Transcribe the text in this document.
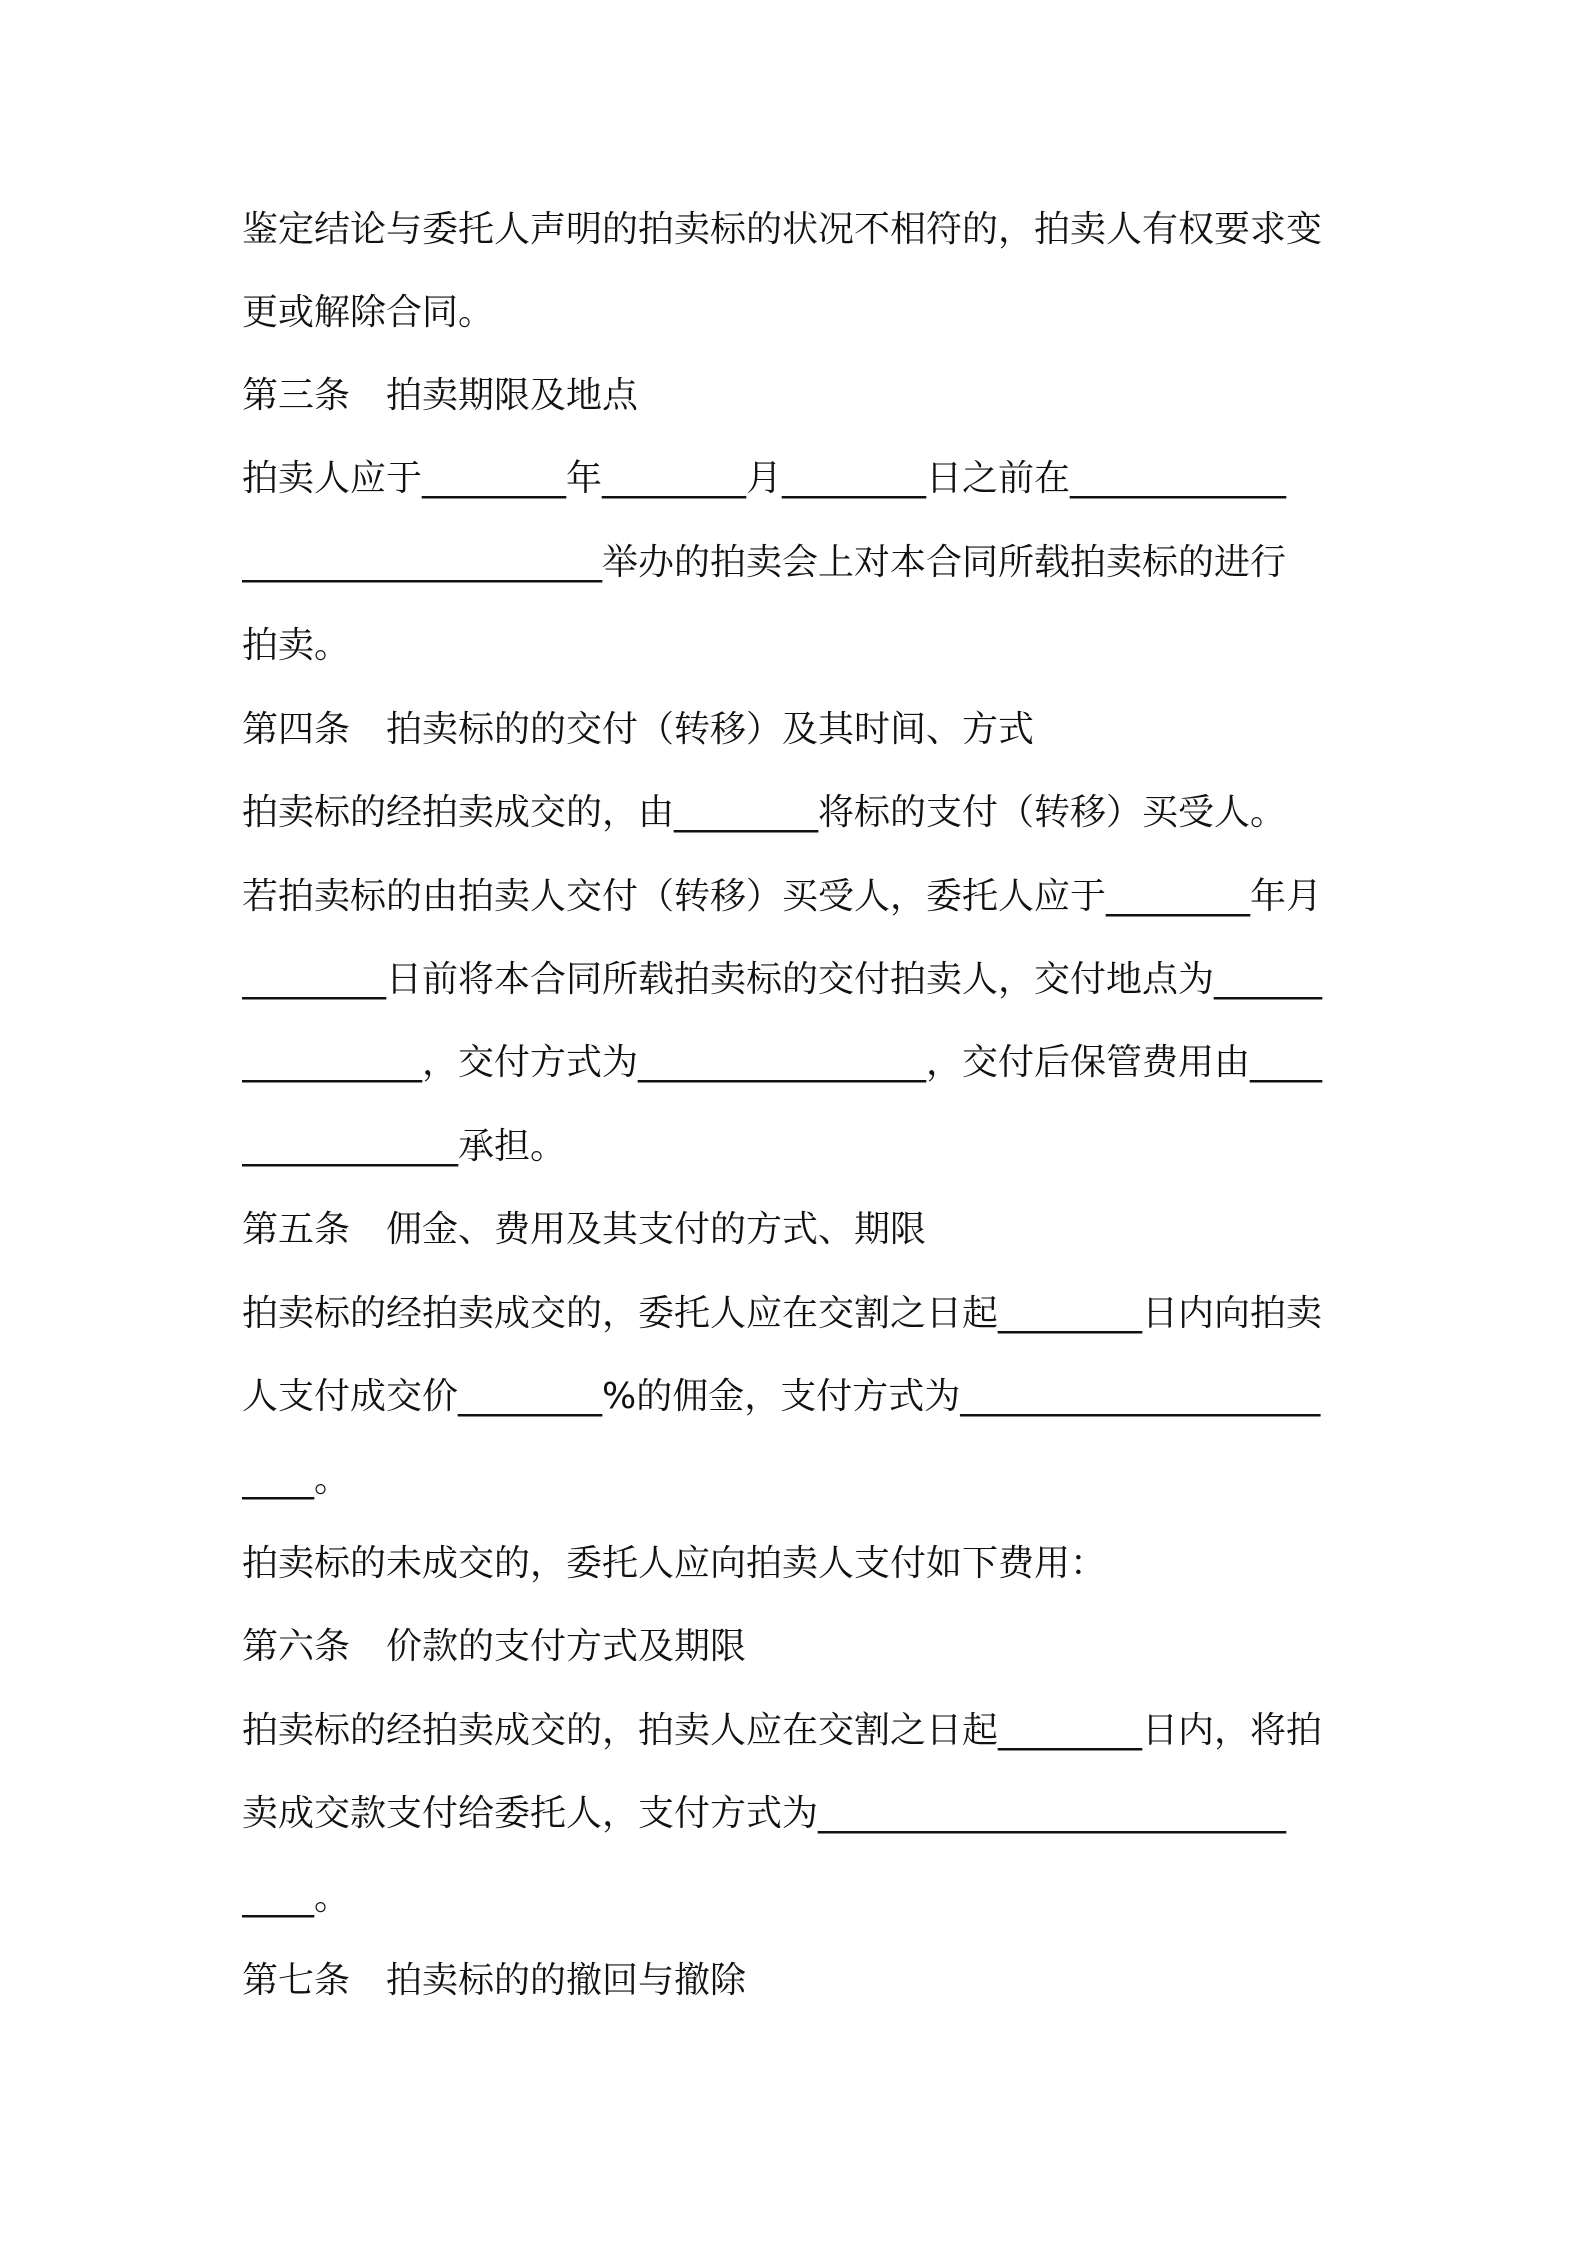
鉴定结论与委托人声明的拍卖标的状况不相符的，拍卖人有权要求变
更或解除合同。
第三条 拍卖期限及地点
拍卖人应于________年________月________日之前在____________
____________________举办的拍卖会上对本合同所载拍卖标的进行
拍卖。
第四条 拍卖标的的交付（转移）及其时间、方式
拍卖标的经拍卖成交的，由________将标的支付（转移）买受人。
若拍卖标的由拍卖人交付（转移）买受人，委托人应于________年月
________日前将本合同所载拍卖标的交付拍卖人，交付地点为______
__________，交付方式为________________，交付后保管费用由____
____________承担。
第五条 佣金、费用及其支付的方式、期限
拍卖标的经拍卖成交的，委托人应在交割之日起________日内向拍卖
人支付成交价________%的佣金，支付方式为____________________
____。
拍卖标的未成交的，委托人应向拍卖人支付如下费用：
第六条 价款的支付方式及期限
拍卖标的经拍卖成交的，拍卖人应在交割之日起________日内，将拍
卖成交款支付给委托人，支付方式为__________________________
____。
第七条 拍卖标的的撤回与撤除
